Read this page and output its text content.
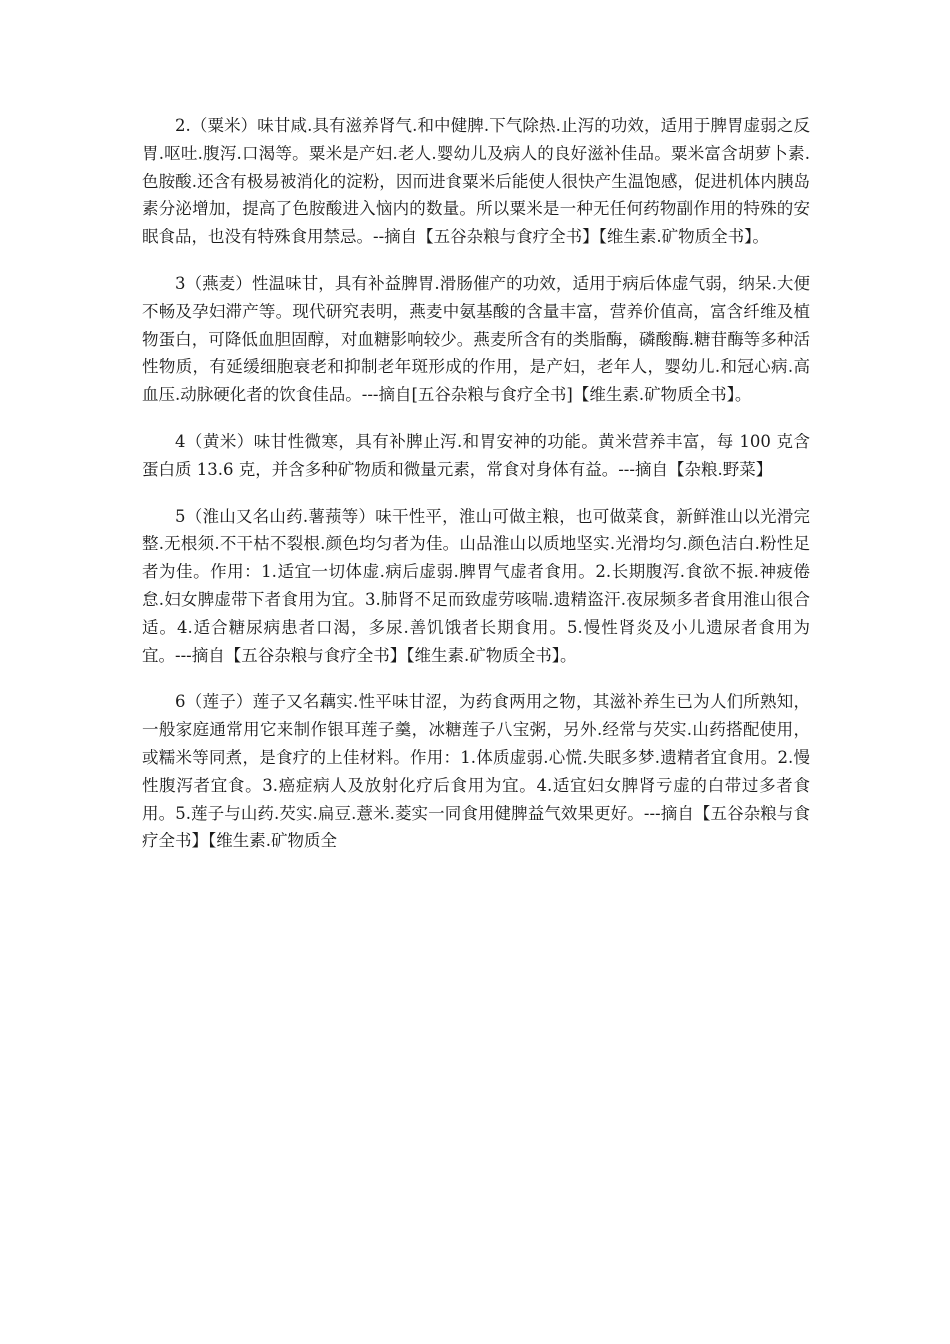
2.（粟米）味甘咸.具有滋养肾气.和中健脾.下气除热.止泻的功效，适用于脾胃虚弱之反胃.呕吐.腹泻.口渴等。粟米是产妇.老人.婴幼儿及病人的良好滋补佳品。粟米富含胡萝卜素.色胺酸.还含有极易被消化的淀粉，因而进食粟米后能使人很快产生温饱感，促进机体内胰岛素分泌增加，提高了色胺酸进入恼内的数量。所以粟米是一种无任何药物副作用的特殊的安眠食品，也没有特殊食用禁忌。--摘自【五谷杂粮与食疗全书】【维生素.矿物质全书】。

3（燕麦）性温味甘，具有补益脾胃.滑肠催产的功效，适用于病后体虚气弱，纳呆.大便不畅及孕妇滞产等。现代研究表明，燕麦中氨基酸的含量丰富，营养价值高，富含纤维及植物蛋白，可降低血胆固醇，对血糖影响较少。燕麦所含有的类脂酶，磷酸酶.糖苷酶等多种活性物质，有延缓细胞衰老和抑制老年斑形成的作用，是产妇，老年人，婴幼儿.和冠心病.高血压.动脉硬化者的饮食佳品。---摘自[五谷杂粮与食疗全书]【维生素.矿物质全书】。

4（黄米）味甘性微寒，具有补脾止泻.和胃安神的功能。黄米营养丰富，每 100 克含蛋白质 13.6 克，并含多种矿物质和微量元素，常食对身体有益。---摘自【杂粮.野菜】

5（淮山又名山药.薯蓣等）味干性平，淮山可做主粮，也可做菜食，新鲜淮山以光滑完整.无根须.不干枯不裂根.颜色均匀者为佳。山品淮山以质地坚实.光滑均匀.颜色洁白.粉性足者为佳。作用：1.适宜一切体虚.病后虚弱.脾胃气虚者食用。2.长期腹泻.食欲不振.神疲倦怠.妇女脾虚带下者食用为宜。3.肺肾不足而致虚劳咳喘.遗精盗汗.夜尿频多者食用淮山很合适。4.适合糖尿病患者口渴，多尿.善饥饿者长期食用。5.慢性肾炎及小儿遗尿者食用为宜。---摘自【五谷杂粮与食疗全书】【维生素.矿物质全书】。

6（莲子）莲子又名藕实.性平味甘涩，为药食两用之物，其滋补养生已为人们所熟知，一般家庭通常用它来制作银耳莲子羹，冰糖莲子八宝粥，另外.经常与芡实.山药搭配使用，或糯米等同煮，是食疗的上佳材料。作用：1.体质虚弱.心慌.失眠多梦.遗精者宜食用。2.慢性腹泻者宜食。3.癌症病人及放射化疗后食用为宜。4.适宜妇女脾肾亏虚的白带过多者食用。5.莲子与山药.芡实.扁豆.薏米.菱实一同食用健脾益气效果更好。---摘自【五谷杂粮与食疗全书】【维生素.矿物质全
